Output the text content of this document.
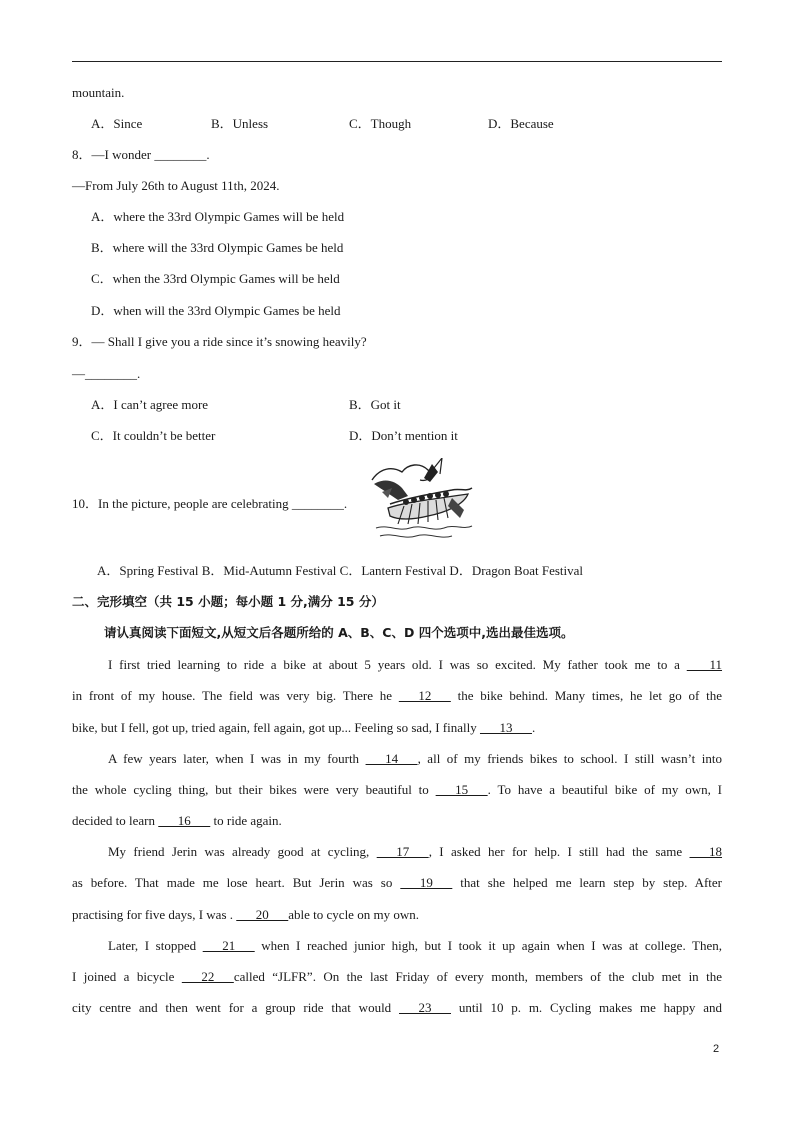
mountain.
A．Since	B．Unless	C．Though	D．Because
8．—I wonder ________.
—From July 26th to August 11th, 2024.
A．where the 33rd Olympic Games will be held
B．where will the 33rd Olympic Games be held
C．when the 33rd Olympic Games will be held
D．when will the 33rd Olympic Games be held
9．— Shall I give you a ride since it’s snowing heavily?
—________.
A．I can’t agree more	B．Got it
C．It couldn’t be better	D．Don’t mention it
10．In the picture, people are celebrating ________.
A．Spring Festival B．Mid-Autumn Festival C．Lantern Festival D．Dragon Boat Festival
二、完形填空（共 15 小题；每小题 1 分,满分 15 分）
请认真阅读下面短文,从短文后各题所给的 A、B、C、D 四个选项中,选出最佳选项。
I first tried learning to ride a bike at about 5 years old. I was so excited. My father took me to a        11
in front of my house. The field was very big. There he       12       the bike behind. Many times, he let go of the
bike, but I fell, got up, tried again, fell again, got up... Feeling so sad, I finally       13      .
A few years later, when I was in my fourth       14      , all of my friends bikes to school. I still wasn’t into
the whole cycling thing, but their bikes were very beautiful to       15      . To have a beautiful bike of my own, I
decided to learn       16       to ride again.
My friend Jerin was already good at cycling,       17      , I asked her for help. I still had the same       18
as before. That made me lose heart. But Jerin was so       19       that she helped me learn step by step. After
practising for five days, I was .       20      able to cycle on my own.
Later, I stopped       21       when I reached junior high, but I took it up again when I was at college. Then,
I joined a bicycle       22      called “JLFR”. On the last Friday of every month, members of the club met in the
city centre and then went for a group ride that would       23       until 10 p. m. Cycling makes me happy and
2
